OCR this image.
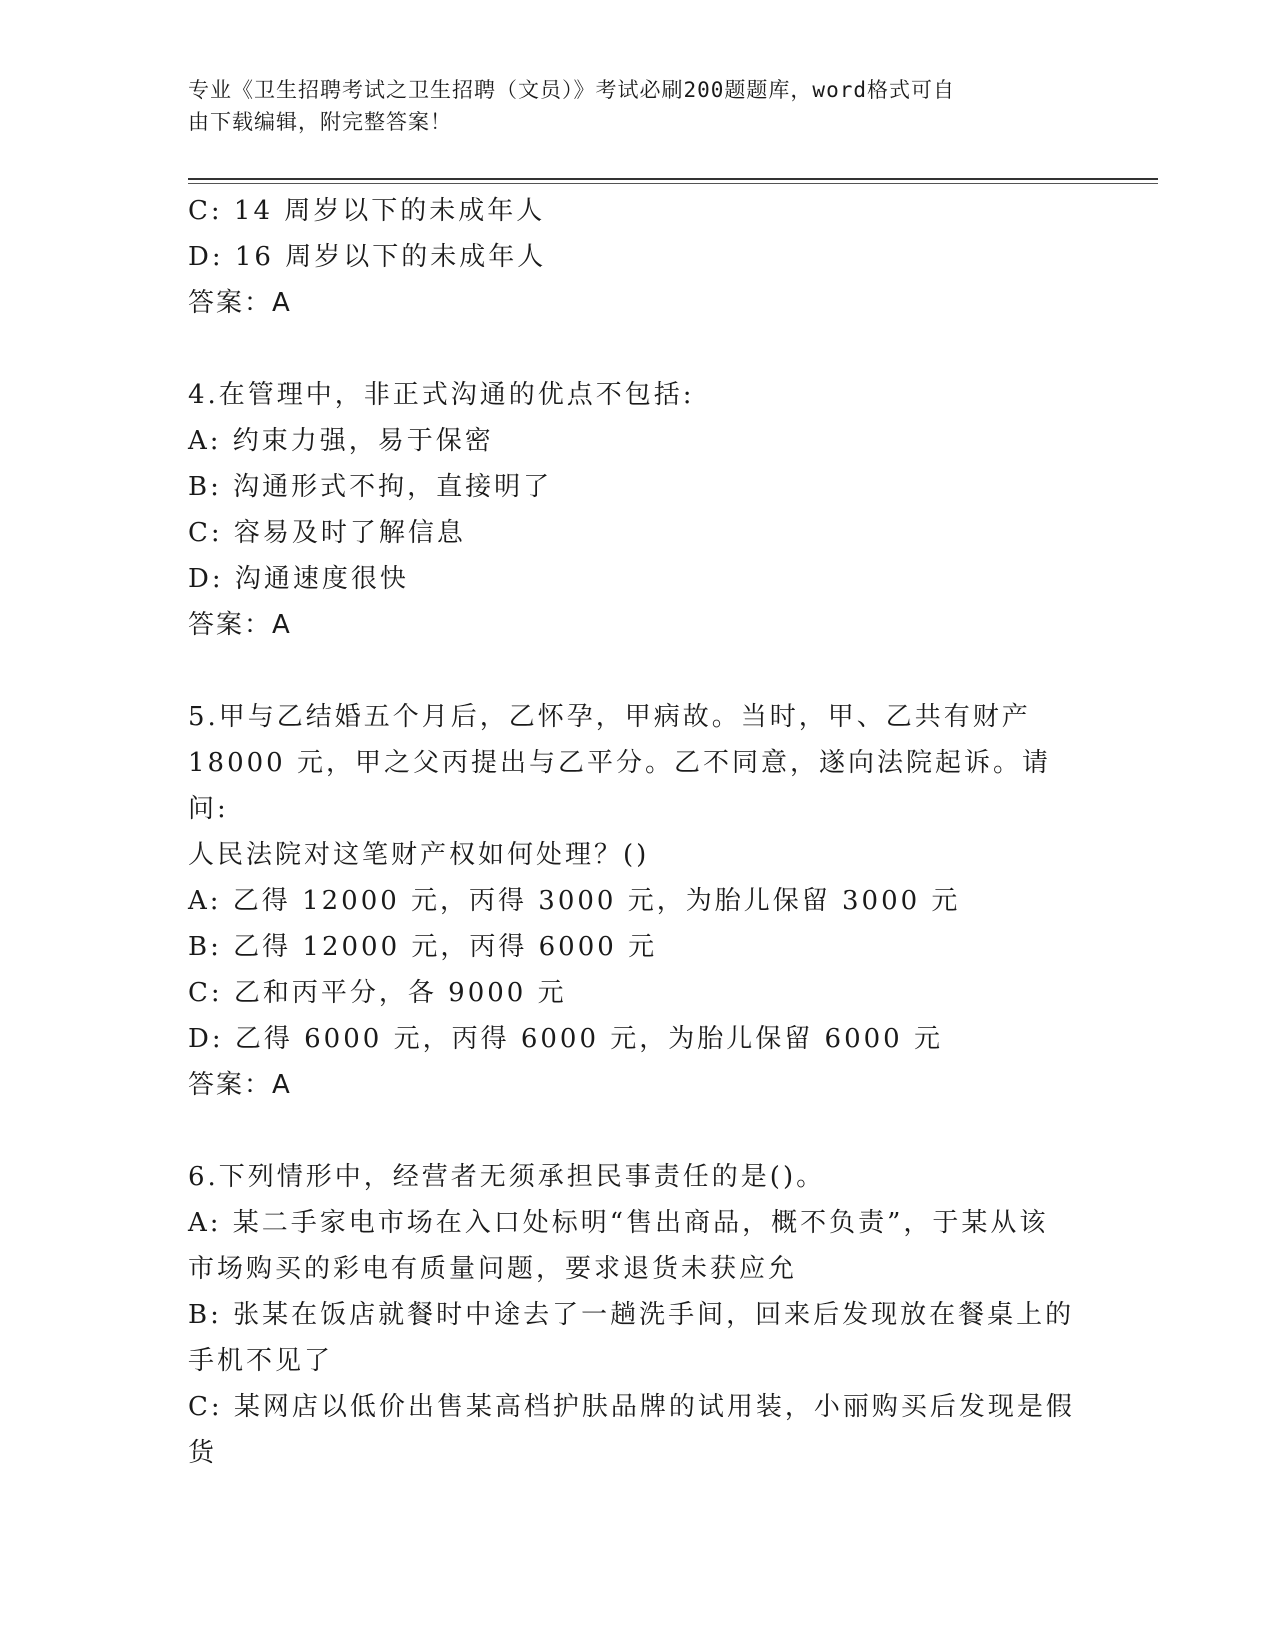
专业《卫生招聘考试之卫生招聘（文员）》考试必刷200题题库，word格式可自
由下载编辑，附完整答案！
C: 14 周岁以下的未成年人
D: 16 周岁以下的未成年人
答案：A
4.在管理中，非正式沟通的优点不包括:
A: 约束力强，易于保密
B: 沟通形式不拘，直接明了
C: 容易及时了解信息
D: 沟通速度很快
答案：A
5.甲与乙结婚五个月后，乙怀孕，甲病故。当时，甲、乙共有财产
18000 元，甲之父丙提出与乙平分。乙不同意，遂向法院起诉。请问:
人民法院对这笔财产权如何处理？()
A: 乙得 12000 元，丙得 3000 元，为胎儿保留 3000 元
B: 乙得 12000 元，丙得 6000 元
C: 乙和丙平分，各 9000 元
D: 乙得 6000 元，丙得 6000 元，为胎儿保留 6000 元
答案：A
6.下列情形中，经营者无须承担民事责任的是()。
A: 某二手家电市场在入口处标明“售出商品，概不负责”，于某从该
市场购买的彩电有质量问题，要求退货未获应允
B: 张某在饭店就餐时中途去了一趟洗手间，回来后发现放在餐桌上的
手机不见了
C: 某网店以低价出售某高档护肤品牌的试用装，小丽购买后发现是假
货
